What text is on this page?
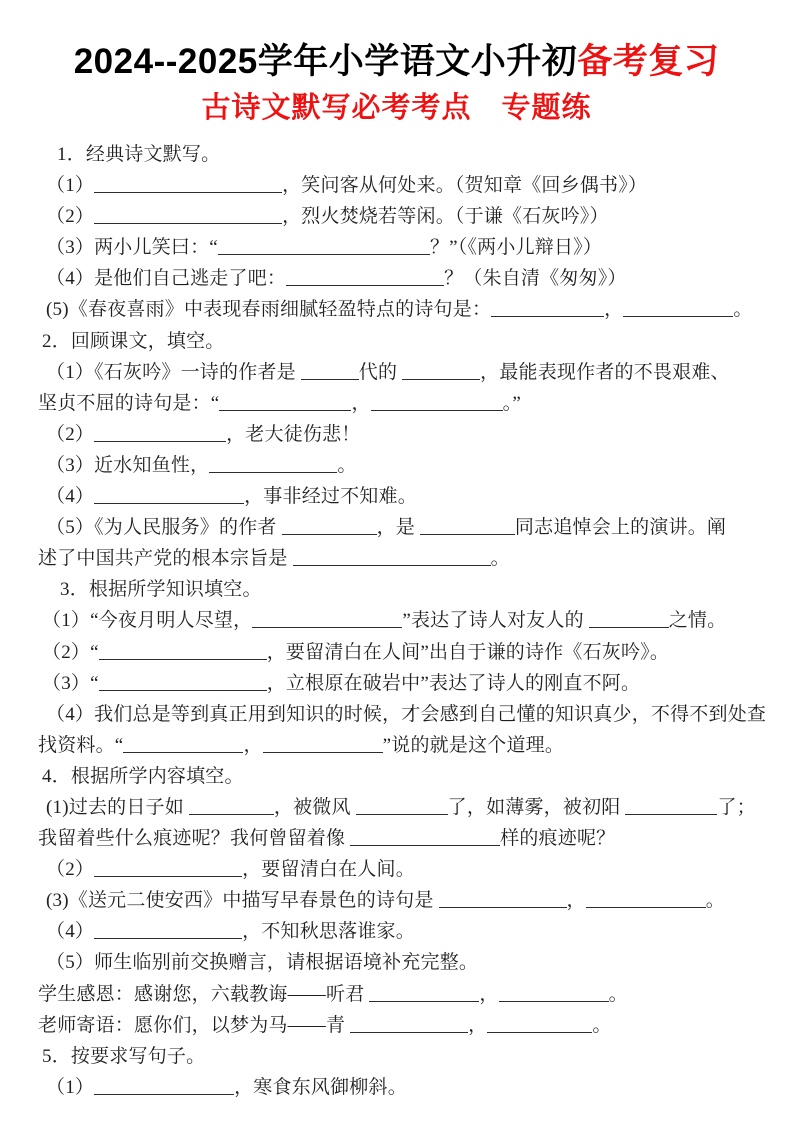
2024--2025学年小学语文小升初备考复习
古诗文默写必考考点　专题练
1．经典诗文默写。
（1）	，笑问客从何处来。（贺知章《回乡偶书》）
（2）	，烈火焚烧若等闲。（于谦《石灰吟》）
（3）两小儿笑曰：“	？”（《两小儿辩日》）
（4）是他们自己逃走了吧：	？（朱自清《匆匆》）
(5)《春夜喜雨》中表现春雨细腻轻盈特点的诗句是：	，	。
2．回顾课文，填空。
（1）《石灰吟》一诗的作者是	代的	，最能表现作者的不畏艰难、
坚贞不屈的诗句是：“	，	。”
（2）	，老大徒伤悲！
（3）近水知鱼性，	。
（4）	，事非经过不知难。
（5）《为人民服务》的作者	，是	同志追悼会上的演讲。阐
述了中国共产党的根本宗旨是	。
3．根据所学知识填空。
（1）“今夜月明人尽望，	”表达了诗人对友人的	之情。
（2）“	，要留清白在人间”出自于谦的诗作《石灰吟》。
（3）“	，立根原在破岩中”表达了诗人的刚直不阿。
（4）我们总是等到真正用到知识的时候，才会感到自己懂的知识真少，不得不到处查
找资料。“	，	”说的就是这个道理。
4．根据所学内容填空。
(1)过去的日子如	，被微风	了，如薄雾，被初阳	了；
我留着些什么痕迹呢？我何曾留着像	样的痕迹呢？
（2）	，要留清白在人间。
(3)《送元二使安西》中描写早春景色的诗句是	，	。
（4）	，不知秋思落谁家。
（5）师生临别前交换赠言，请根据语境补充完整。
学生感恩：感谢您，六载教诲——听君	，	。
老师寄语：愿你们，以梦为马——青	，	。
5．按要求写句子。
（1）	，寒食东风御柳斜。
